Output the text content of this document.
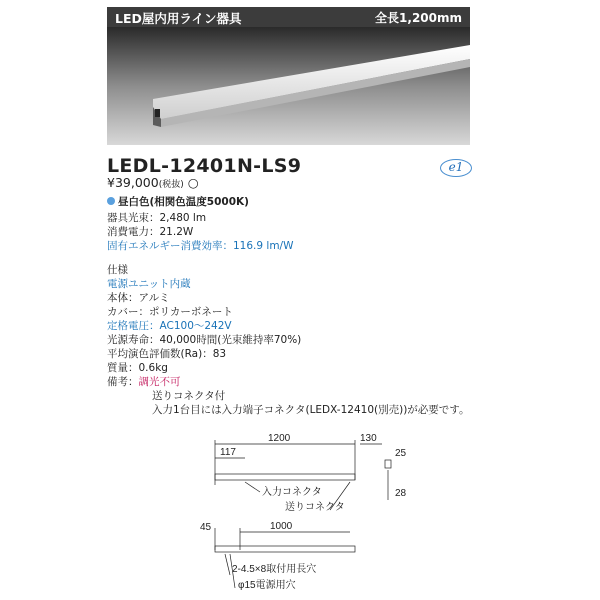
LED屋内用ライン器具	全長1,200mm
LEDL-12401N-LS9	e1
¥39,000(税抜) ○
昼白色(相関色温度5000K)
器具光束：2,480 lm
消費電力：21.2W
固有エネルギー消費効率：116.9 lm/W
仕様
電源ユニット内蔵
本体：アルミ
カバー：ポリカーボネート
定格電圧：AC100～242V
光源寿命：40,000時間(光束維持率70%)
平均演色評価数(Ra)：83
質量：0.6kg
備考：調光不可
送りコネクタ付
入力1台目には入力端子コネクタ(LEDX-12410(別売))が必要です。
1200	130
117	25
28
入力コネクタ
送りコネクタ
45	1000
2-4.5×8取付用長穴
φ15電源用穴
